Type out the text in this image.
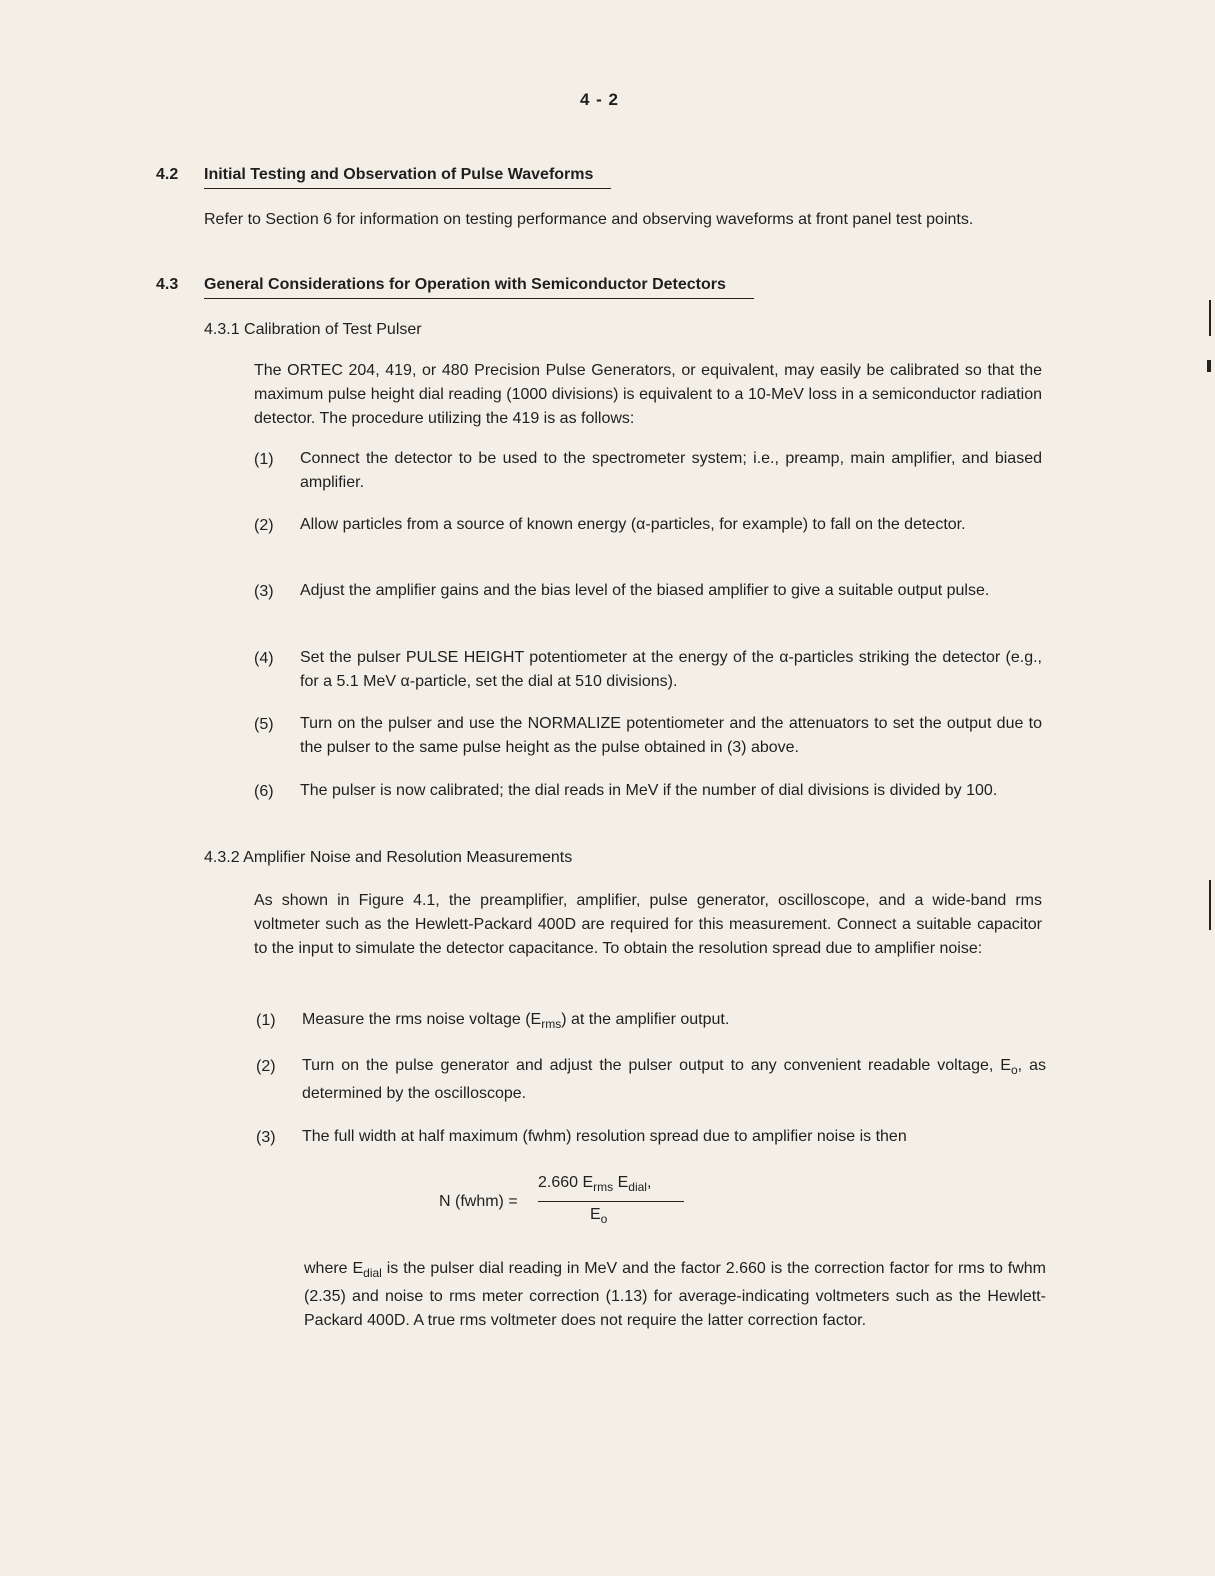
4 - 2
4.2 Initial Testing and Observation of Pulse Waveforms
Refer to Section 6 for information on testing performance and observing waveforms at front panel test points.
4.3 General Considerations for Operation with Semiconductor Detectors
4.3.1 Calibration of Test Pulser
The ORTEC 204, 419, or 480 Precision Pulse Generators, or equivalent, may easily be calibrated so that the maximum pulse height dial reading (1000 divisions) is equivalent to a 10-MeV loss in a semiconductor radiation detector. The procedure utilizing the 419 is as follows:
(1) Connect the detector to be used to the spectrometer system; i.e., preamp, main amplifier, and biased amplifier.
(2) Allow particles from a source of known energy (α-particles, for example) to fall on the detector.
(3) Adjust the amplifier gains and the bias level of the biased amplifier to give a suitable output pulse.
(4) Set the pulser PULSE HEIGHT potentiometer at the energy of the α-particles striking the detector (e.g., for a 5.1 MeV α-particle, set the dial at 510 divisions).
(5) Turn on the pulser and use the NORMALIZE potentiometer and the attenuators to set the output due to the pulser to the same pulse height as the pulse obtained in (3) above.
(6) The pulser is now calibrated; the dial reads in MeV if the number of dial divisions is divided by 100.
4.3.2 Amplifier Noise and Resolution Measurements
As shown in Figure 4.1, the preamplifier, amplifier, pulse generator, oscilloscope, and a wide-band rms voltmeter such as the Hewlett-Packard 400D are required for this measurement. Connect a suitable capacitor to the input to simulate the detector capacitance. To obtain the resolution spread due to amplifier noise:
(1) Measure the rms noise voltage $(E_{rms})$ at the amplifier output.
(2) Turn on the pulse generator and adjust the pulser output to any convenient readable voltage, $E_o$, as determined by the oscilloscope.
(3) The full width at half maximum (fwhm) resolution spread due to amplifier noise is then
N (fwhm) =
2.660 $E_{rms}$ $E_{dial}$,
$E_o$
where $E_{dial}$ is the pulser dial reading in MeV and the factor 2.660 is the correction factor for rms to fwhm (2.35) and noise to rms meter correction (1.13) for average-indicating voltmeters such as the Hewlett-Packard 400D. A true rms voltmeter does not require the latter correction factor.
